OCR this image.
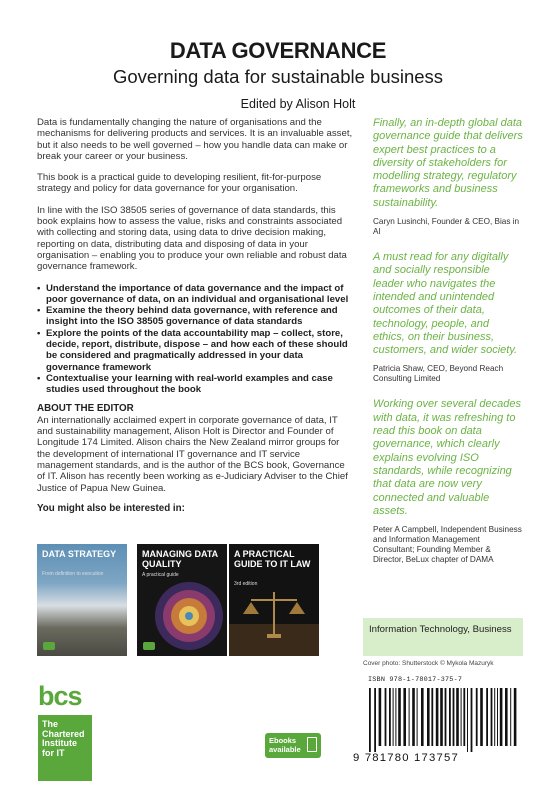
DATA GOVERNANCE
Governing data for sustainable business
Edited by Alison Holt

Data is fundamentally changing the nature of organisations and the mechanisms for delivering products and services. It is an invaluable asset, but it also needs to be well governed – how you handle data can make or break your career or your business.

This book is a practical guide to developing resilient, fit-for-purpose strategy and policy for data governance for your organisation.

In line with the ISO 38505 series of governance of data standards, this book explains how to assess the value, risks and constraints associated with collecting and storing data, using data to drive decision making, reporting on data, distributing data and disposing of data in your organisation – enabling you to produce your own reliable and robust data governance framework.

• Understand the importance of data governance and the impact of poor governance of data, on an individual and organisational level
• Examine the theory behind data governance, with reference and insight into the ISO 38505 governance of data standards
• Explore the points of the data accountability map – collect, store, decide, report, distribute, dispose – and how each of these should be considered and pragmatically addressed in your data governance framework
• Contextualise your learning with real-world examples and case studies used throughout the book
ABOUT THE EDITOR
An internationally acclaimed expert in corporate governance of data, IT and sustainability management, Alison Holt is Director and Founder of Longitude 174 Limited. Alison chairs the New Zealand mirror groups for the development of international IT governance and IT service management standards, and is the author of the BCS book, Governance of IT. Alison has recently been working as e-Judiciary Adviser to the Chief Justice of Papua New Guinea.
You might also be interested in:
DATA STRATEGY
From definition to execution
MANAGING DATA QUALITY
A practical guide
A PRACTICAL GUIDE TO IT LAW
3rd edition
Finally, an in-depth global data governance guide that delivers expert best practices to a diversity of stakeholders for modelling strategy, regulatory frameworks and business sustainability.
Caryn Lusinchi, Founder & CEO, Bias in AI
A must read for any digitally and socially responsible leader who navigates the intended and unintended outcomes of their data, technology, people, and ethics, on their business, customers, and wider society.
Patricia Shaw, CEO, Beyond Reach Consulting Limited
Working over several decades with data, it was refreshing to read this book on data governance, which clearly explains evolving ISO standards, while recognizing that data are now very connected and valuable assets.
Peter A Campbell, Independent Business and Information Management Consultant; Founding Member & Director, BeLux chapter of DAMA
Information Technology, Business
Cover photo: Shutterstock © Mykola Mazuryk
ISBN 978-1-78017-375-7
9 781780 173757
bcs
The Chartered Institute for IT
Ebooks available
